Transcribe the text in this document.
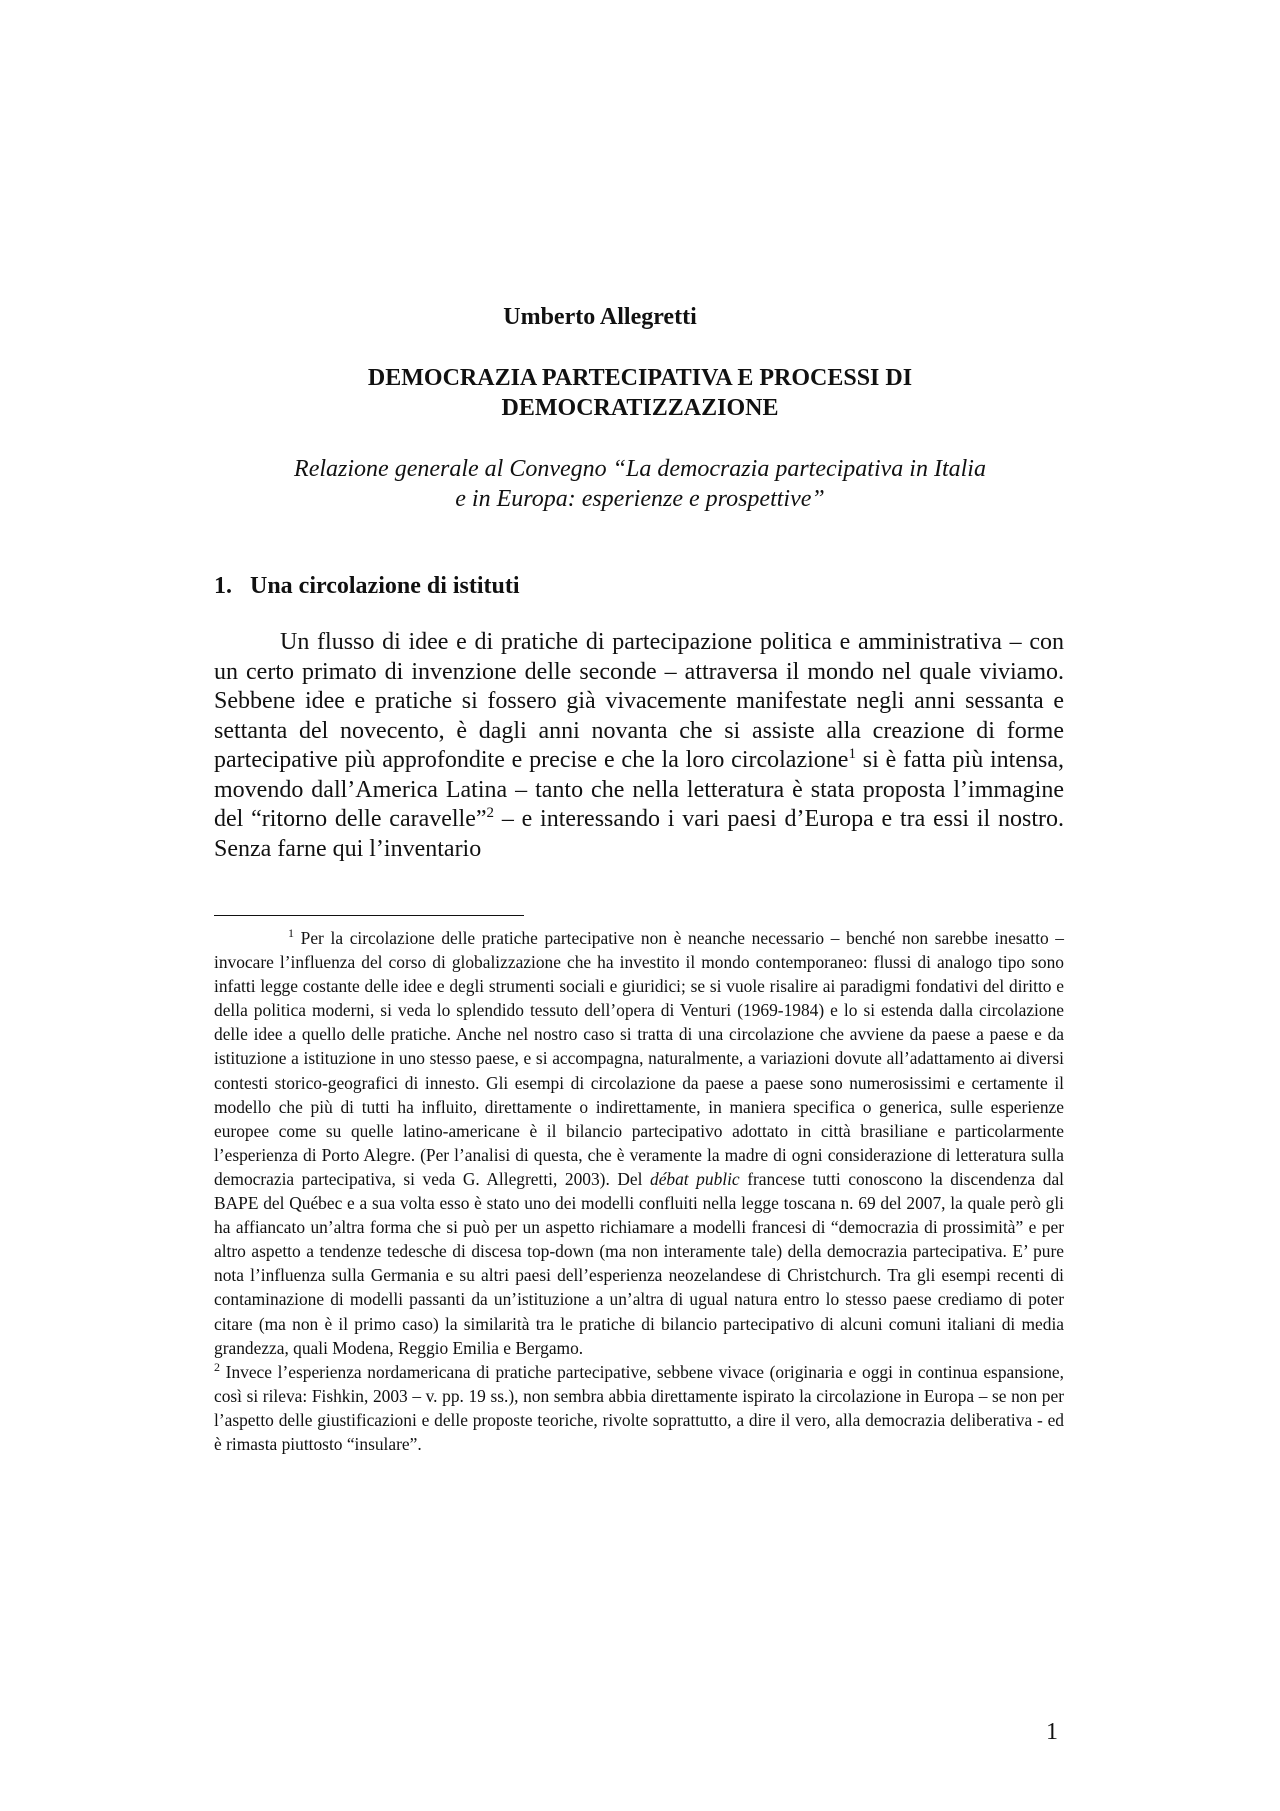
Umberto Allegretti
DEMOCRAZIA PARTECIPATIVA E PROCESSI DI
DEMOCRATIZZAZIONE
Relazione generale al Convegno “La democrazia partecipativa in Italia
e in Europa: esperienze e prospettive”
1. Una circolazione di istituti

Un flusso di idee e di pratiche di partecipazione politica e amministrativa – con un certo primato di invenzione delle seconde – attraversa il mondo nel quale viviamo. Sebbene idee e pratiche si fossero già vivacemente manifestate negli anni sessanta e settanta del novecento, è dagli anni novanta che si assiste alla creazione di forme partecipative più approfondite e precise e che la loro circolazione$^1$ si è fatta più intensa, movendo dall’America Latina – tanto che nella letteratura è stata proposta l’immagine del “ritorno delle caravelle”$^2$ – e interessando i vari paesi d’Europa e tra essi il nostro. Senza farne qui l’inventario

$^1$ Per la circolazione delle pratiche partecipative non è neanche necessario – benché non sarebbe inesatto – invocare l’influenza del corso di globalizzazione che ha investito il mondo contemporaneo: flussi di analogo tipo sono infatti legge costante delle idee e degli strumenti sociali e giuridici; se si vuole risalire ai paradigmi fondativi del diritto e della politica moderni, si veda lo splendido tessuto dell’opera di Venturi (1969-1984) e lo si estenda dalla circolazione delle idee a quello delle pratiche. Anche nel nostro caso si tratta di una circolazione che avviene da paese a paese e da istituzione a istituzione in uno stesso paese, e si accompagna, naturalmente, a variazioni dovute all’adattamento ai diversi contesti storico-geografici di innesto. Gli esempi di circolazione da paese a paese sono numerosissimi e certamente il modello che più di tutti ha influito, direttamente o indirettamente, in maniera specifica o generica, sulle esperienze europee come su quelle latino-americane è il bilancio partecipativo adottato in città brasiliane e particolarmente l’esperienza di Porto Alegre. (Per l’analisi di questa, che è veramente la madre di ogni considerazione di letteratura sulla democrazia partecipativa, si veda G. Allegretti, 2003). Del débat public francese tutti conoscono la discendenza dal BAPE del Québec e a sua volta esso è stato uno dei modelli confluiti nella legge toscana n. 69 del 2007, la quale però gli ha affiancato un’altra forma che si può per un aspetto richiamare a modelli francesi di “democrazia di prossimità” e per altro aspetto a tendenze tedesche di discesa top-down (ma non interamente tale) della democrazia partecipativa. E’ pure nota l’influenza sulla Germania e su altri paesi dell’esperienza neozelandese di Christchurch. Tra gli esempi recenti di contaminazione di modelli passanti da un’istituzione a un’altra di ugual natura entro lo stesso paese crediamo di poter citare (ma non è il primo caso) la similarità tra le pratiche di bilancio partecipativo di alcuni comuni italiani di media grandezza, quali Modena, Reggio Emilia e Bergamo.

$^2$ Invece l’esperienza nordamericana di pratiche partecipative, sebbene vivace (originaria e oggi in continua espansione, così si rileva: Fishkin, 2003 – v. pp. 19 ss.), non sembra abbia direttamente ispirato la circolazione in Europa – se non per l’aspetto delle giustificazioni e delle proposte teoriche, rivolte soprattutto, a dire il vero, alla democrazia deliberativa - ed è rimasta piuttosto “insulare”.

1
